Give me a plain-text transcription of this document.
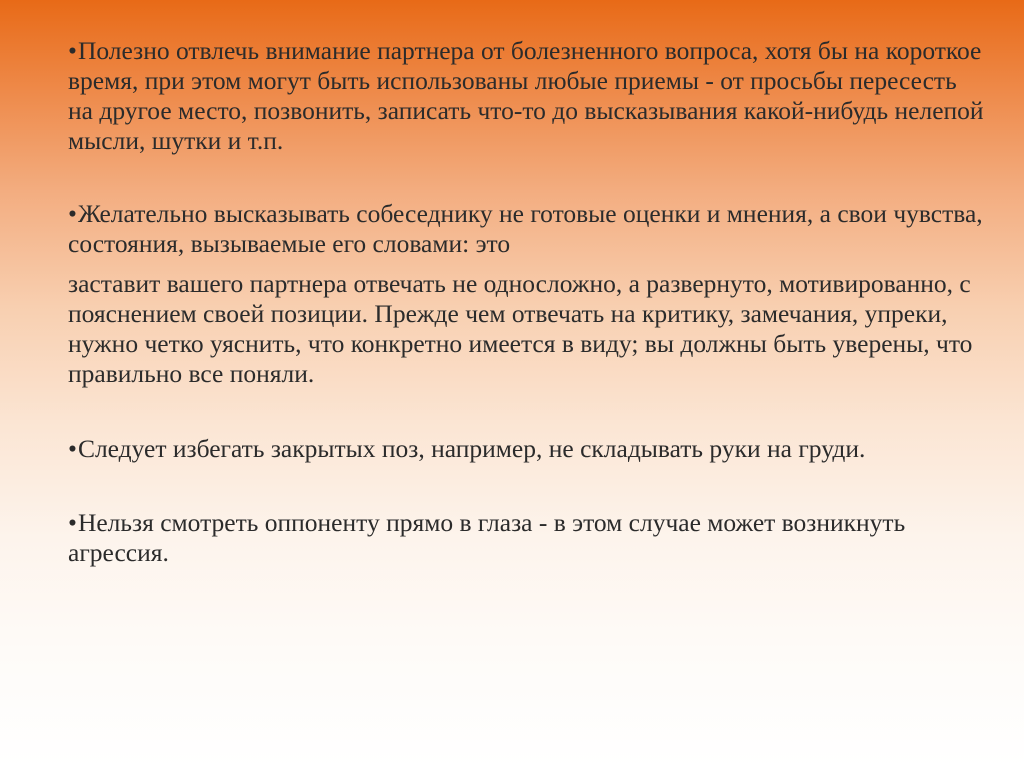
•Полезно отвлечь внимание партнера от болезненного вопроса, хотя бы на короткое время, при этом могут быть использованы любые приемы - от просьбы пересесть на другое место, позвонить, записать что-то до высказывания какой-нибудь нелепой мысли, шутки и т.п.

•Желательно высказывать собеседнику не готовые оценки и мнения, а свои чувства, состояния, вызываемые его словами: это

заставит вашего партнера отвечать не односложно, а развернуто, мотивированно, с пояснением своей позиции. Прежде чем отвечать на критику, замечания, упреки, нужно четко уяснить, что конкретно имеется в виду; вы должны быть уверены, что правильно все поняли.

•Следует избегать закрытых поз, например, не складывать руки на груди.

•Нельзя смотреть оппоненту прямо в глаза - в этом случае может возникнуть агрессия.
